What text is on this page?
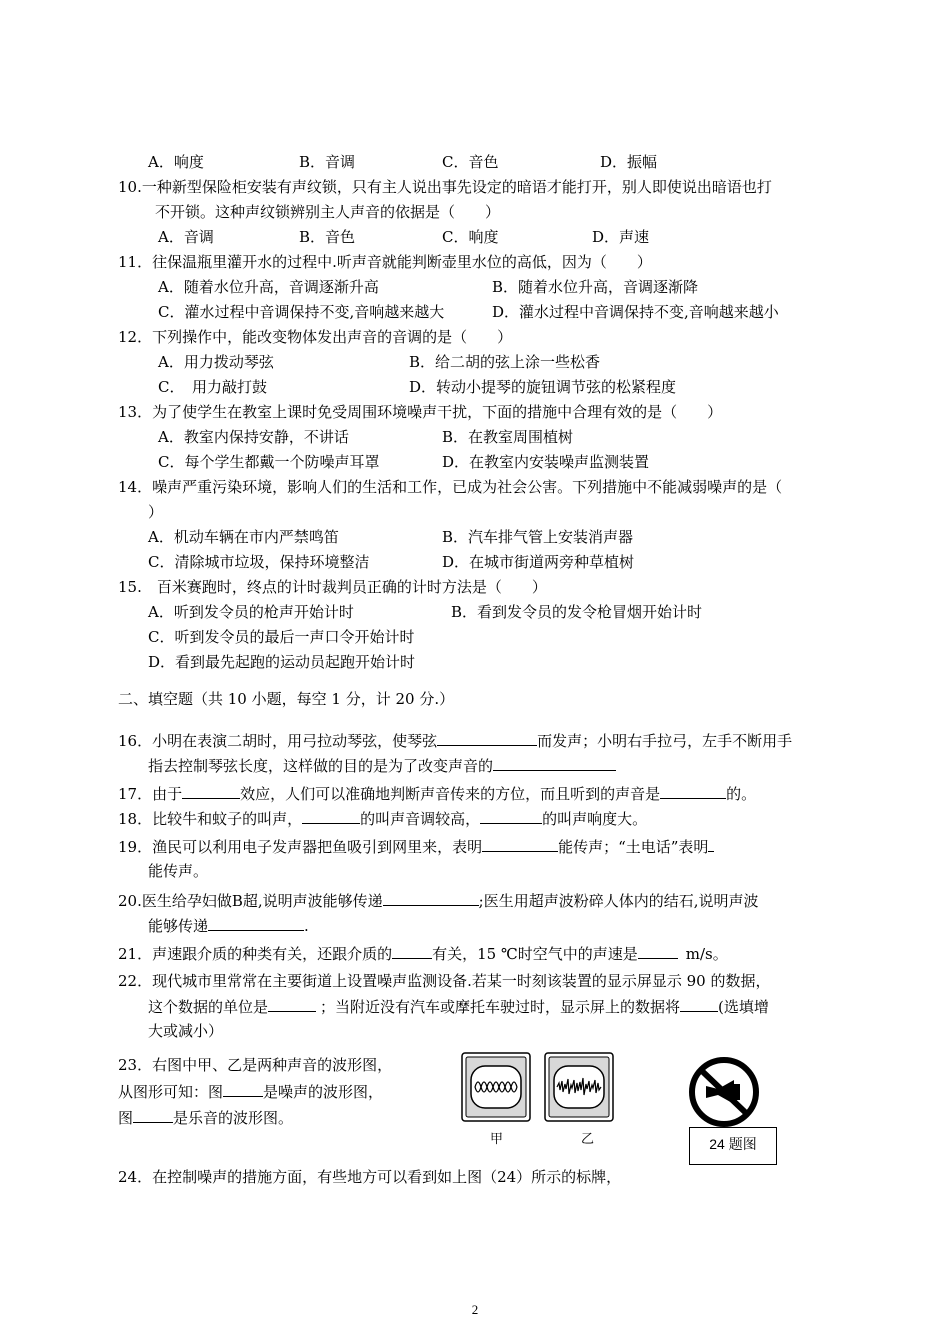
A．响度	B．音调	C．音色	D．振幅
10.一种新型保险柜安装有声纹锁，只有主人说出事先设定的暗语才能打开，别人即使说出暗语也打
不开锁。这种声纹锁辨别主人声音的依据是（　　）
A．音调	B．音色	C．响度	D．声速
11．往保温瓶里灌开水的过程中.听声音就能判断壶里水位的高低，因为（　　）
A．随着水位升高，音调逐渐升高	B．随着水位升高，音调逐渐降
C．灌水过程中音调保持不变,音响越来越大	D．灌水过程中音调保持不变,音响越来越小
12．下列操作中，能改变物体发出声音的音调的是（　　）
A．用力拨动琴弦	B．给二胡的弦上涂一些松香
C．　用力敲打鼓	D．转动小提琴的旋钮调节弦的松紧程度
13．为了使学生在教室上课时免受周围环境噪声干扰，下面的措施中合理有效的是（　　）
A．教室内保持安静，不讲话	B．在教室周围植树
C．每个学生都戴一个防噪声耳罩	D．在教室内安装噪声监测装置
14．噪声严重污染环境，影响人们的生活和工作，已成为社会公害。下列措施中不能减弱噪声的是（
）
A．机动车辆在市内严禁鸣笛	B．汽车排气管上安装消声器
C．清除城市垃圾，保持环境整洁	D．在城市街道两旁种草植树
15.　百米赛跑时，终点的计时裁判员正确的计时方法是（　　）
A．听到发令员的枪声开始计时	B．看到发令员的发令枪冒烟开始计时
C．听到发令员的最后一声口令开始计时
D．看到最先起跑的运动员起跑开始计时
二、填空题（共 10 小题，每空 1 分，计 20 分.）
16．小明在表演二胡时，用弓拉动琴弦，使琴弦	而发声；小明右手拉弓，左手不断用手
指去控制琴弦长度，这样做的目的是为了改变声音的
17．由于	效应，人们可以准确地判断声音传来的方位，而且听到的声音是	的。
18．比较牛和蚊子的叫声，	的叫声音调较高，	的叫声响度大。
19．渔民可以利用电子发声器把鱼吸引到网里来，表明	能传声；“土电话”表明
能传声。
20.医生给孕妇做B超,说明声波能够传递	;医生用超声波粉碎人体内的结石,说明声波
能够传递	.
21．声速跟介质的种类有关，还跟介质的	有关，15 ℃时空气中的声速是	m/s。
22．现代城市里常常在主要街道上设置噪声监测设备.若某一时刻该装置的显示屏显示 90 的数据，
这个数据的单位是	；当附近没有汽车或摩托车驶过时，显示屏上的数据将	(选填增
大或减小）
23．右图中甲、乙是两种声音的波形图，
从图形可知：图	是噪声的波形图，
图	是乐音的波形图。
甲	乙	24 题图
24．在控制噪声的措施方面，有些地方可以看到如上图（24）所示的标牌，
2
